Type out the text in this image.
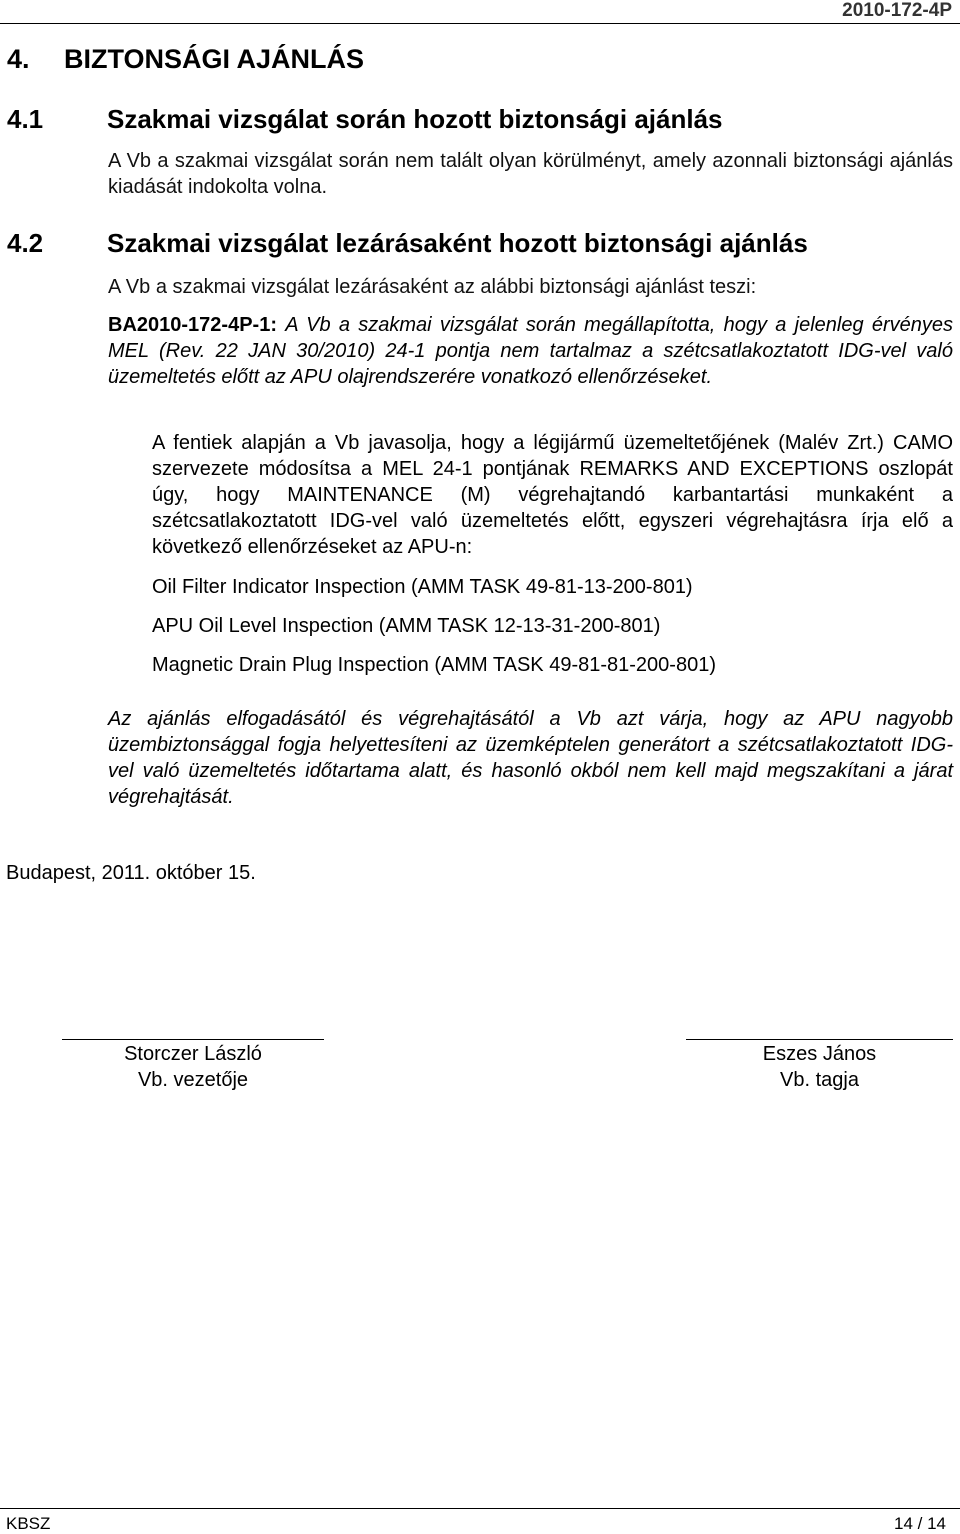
2010-172-4P
4. BIZTONSÁGI AJÁNLÁS
4.1 Szakmai vizsgálat során hozott biztonsági ajánlás
A Vb a szakmai vizsgálat során nem talált olyan körülményt, amely azonnali biztonsági ajánlás kiadását indokolta volna.
4.2 Szakmai vizsgálat lezárásaként hozott biztonsági ajánlás
A Vb a szakmai vizsgálat lezárásaként az alábbi biztonsági ajánlást teszi:
BA2010-172-4P-1: A Vb a szakmai vizsgálat során megállapította, hogy a jelenleg érvényes MEL (Rev. 22 JAN 30/2010) 24-1 pontja nem tartalmaz a szétcsatlakoztatott IDG-vel való üzemeltetés előtt az APU olajrendszerére vonatkozó ellenőrzéseket.
A fentiek alapján a Vb javasolja, hogy a légijármű üzemeltetőjének (Malév Zrt.) CAMO szervezete módosítsa a MEL 24-1 pontjának REMARKS AND EXCEPTIONS oszlopát úgy, hogy MAINTENANCE (M) végrehajtandó karbantartási munkaként a szétcsatlakoztatott IDG-vel való üzemeltetés előtt, egyszeri végrehajtásra írja elő a következő ellenőrzéseket az APU-n:
Oil Filter Indicator Inspection (AMM TASK 49-81-13-200-801)
APU Oil Level Inspection (AMM TASK 12-13-31-200-801)
Magnetic Drain Plug Inspection (AMM TASK 49-81-81-200-801)
Az ajánlás elfogadásától és végrehajtásától a Vb azt várja, hogy az APU nagyobb üzembiztonsággal fogja helyettesíteni az üzemképtelen generátort a szétcsatlakoztatott IDG-vel való üzemeltetés időtartama alatt, és hasonló okból nem kell majd megszakítani a járat végrehajtását.
Budapest, 2011. október 15.
Storczer László
Vb. vezetője
Eszes János
Vb. tagja
KBSZ	14 / 14
